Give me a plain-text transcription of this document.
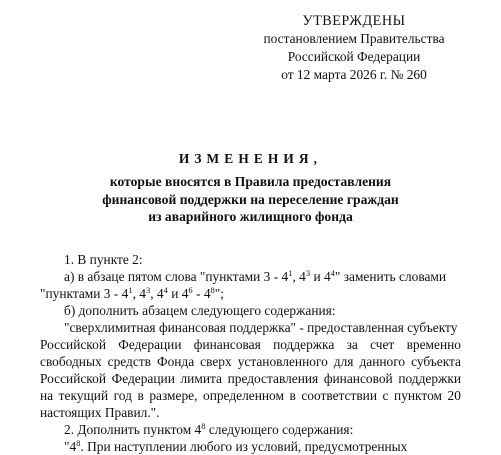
УТВЕРЖДЕНЫ
постановлением Правительства
Российской Федерации
от 12 марта 2026 г. № 260
ИЗМЕНЕНИЯ,
которые вносятся в Правила предоставления
финансовой поддержки на переселение граждан
из аварийного жилищного фонда
1. В пункте 2:
а) в абзаце пятом слова "пунктами $3 - 4^1$, $4^3$ и $4^4$" заменить словами
"пунктами $3 - 4^1$, $4^3$, $4^4$ и $4^6 - 4^8$";
б) дополнить абзацем следующего содержания:
"сверхлимитная финансовая поддержка" - предоставленная субъекту
Российской Федерации финансовая поддержка за счет временно
свободных средств Фонда сверх установленного для данного субъекта
Российской Федерации лимита предоставления финансовой поддержки
на текущий год в размере, определенном в соответствии с пунктом 20
настоящих Правил.".
2. Дополнить пунктом $4^8$ следующего содержания:
"$4^8$. При наступлении любого из условий, предусмотренных
